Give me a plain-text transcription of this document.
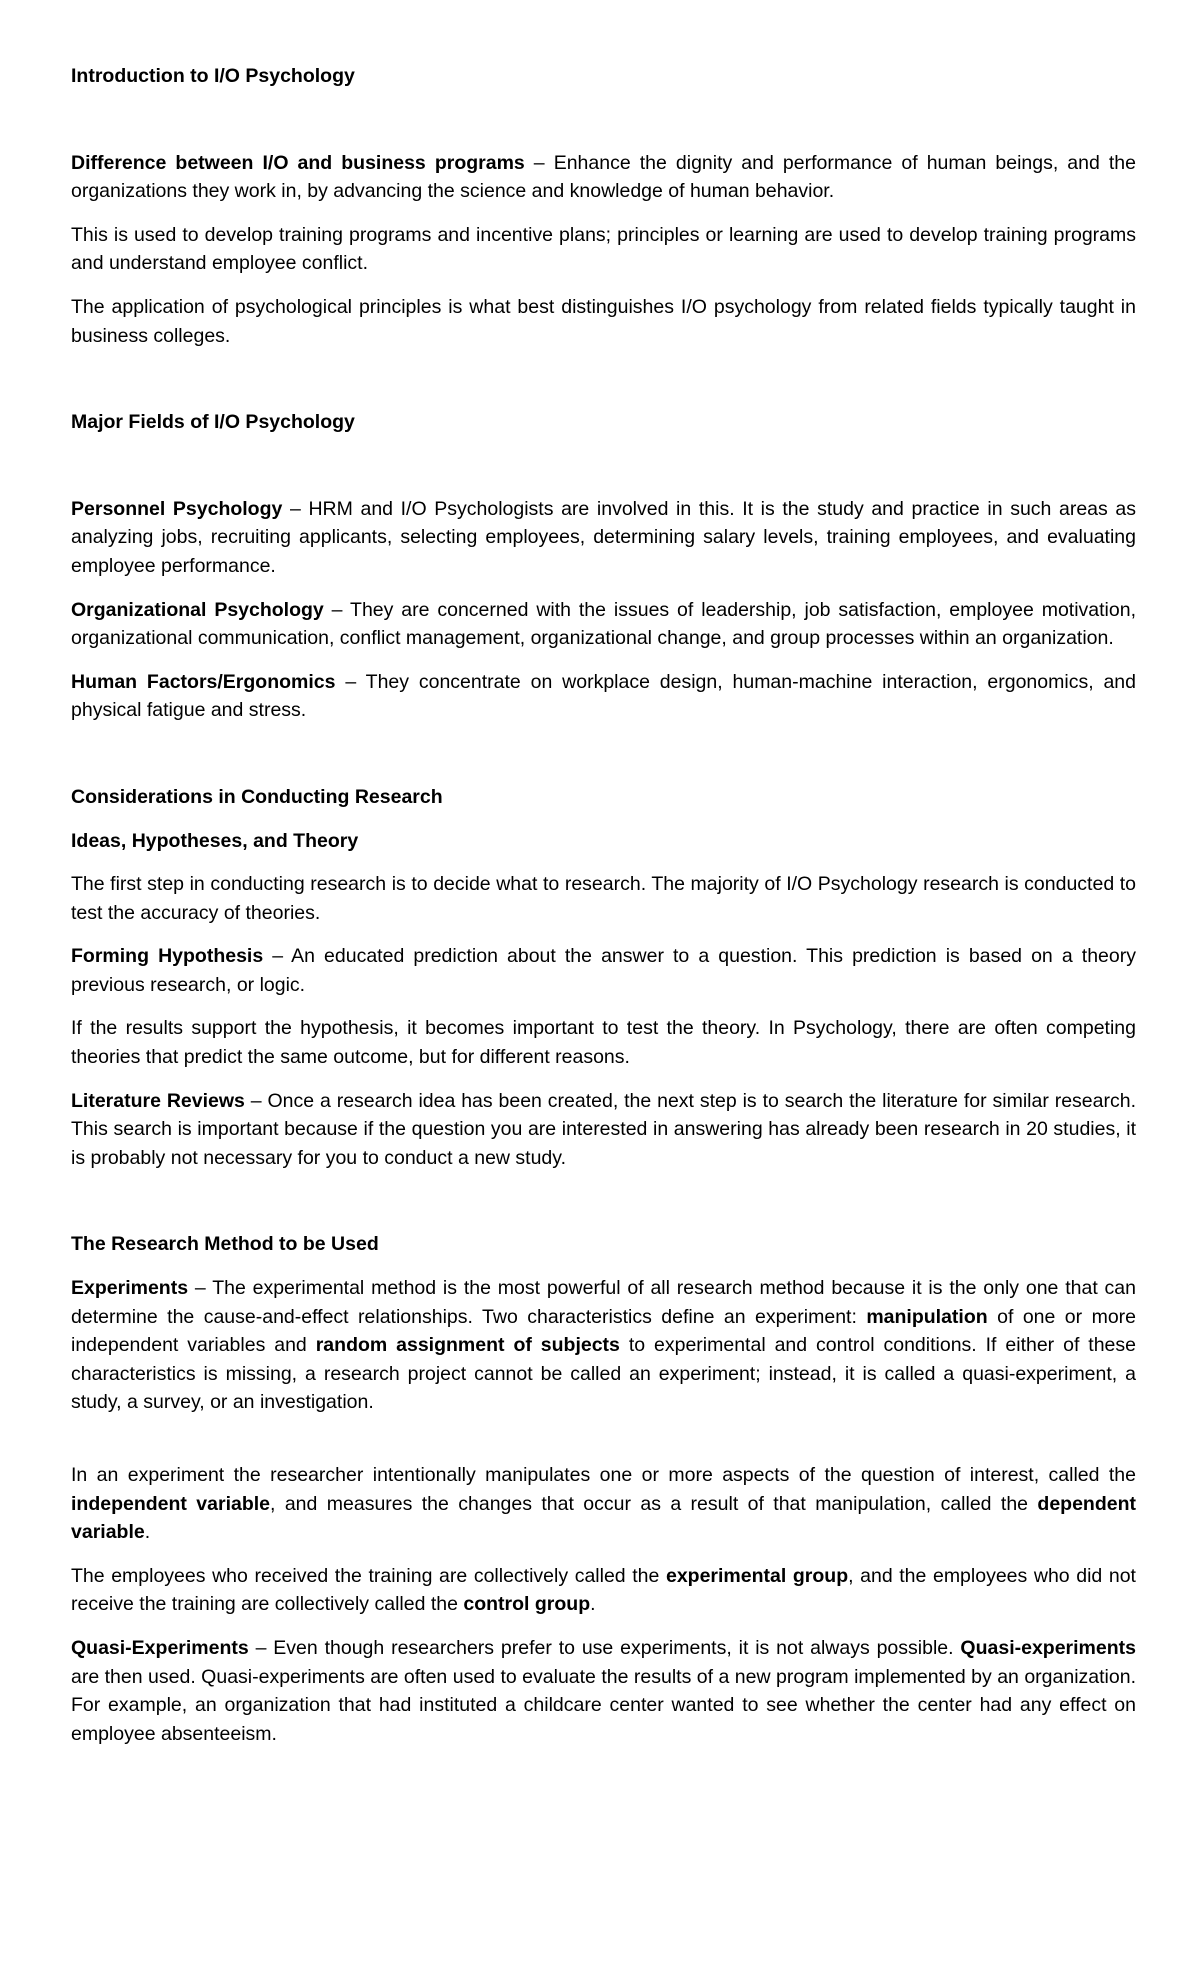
Introduction to I/O Psychology

Difference between I/O and business programs – Enhance the dignity and performance of human beings, and the organizations they work in, by advancing the science and knowledge of human behavior.

This is used to develop training programs and incentive plans; principles or learning are used to develop training programs and understand employee conflict.

The application of psychological principles is what best distinguishes I/O psychology from related fields typically taught in business colleges.

Major Fields of I/O Psychology

Personnel Psychology – HRM and I/O Psychologists are involved in this. It is the study and practice in such areas as analyzing jobs, recruiting applicants, selecting employees, determining salary levels, training employees, and evaluating employee performance.

Organizational Psychology – They are concerned with the issues of leadership, job satisfaction, employee motivation, organizational communication, conflict management, organizational change, and group processes within an organization.

Human Factors/Ergonomics – They concentrate on workplace design, human-machine interaction, ergonomics, and physical fatigue and stress.

Considerations in Conducting Research

Ideas, Hypotheses, and Theory

The first step in conducting research is to decide what to research. The majority of I/O Psychology research is conducted to test the accuracy of theories.

Forming Hypothesis – An educated prediction about the answer to a question. This prediction is based on a theory previous research, or logic.

If the results support the hypothesis, it becomes important to test the theory. In Psychology, there are often competing theories that predict the same outcome, but for different reasons.

Literature Reviews – Once a research idea has been created, the next step is to search the literature for similar research. This search is important because if the question you are interested in answering has already been research in 20 studies, it is probably not necessary for you to conduct a new study.

The Research Method to be Used

Experiments – The experimental method is the most powerful of all research method because it is the only one that can determine the cause-and-effect relationships. Two characteristics define an experiment: manipulation of one or more independent variables and random assignment of subjects to experimental and control conditions. If either of these characteristics is missing, a research project cannot be called an experiment; instead, it is called a quasi-experiment, a study, a survey, or an investigation.

In an experiment the researcher intentionally manipulates one or more aspects of the question of interest, called the independent variable, and measures the changes that occur as a result of that manipulation, called the dependent variable.

The employees who received the training are collectively called the experimental group, and the employees who did not receive the training are collectively called the control group.

Quasi-Experiments – Even though researchers prefer to use experiments, it is not always possible. Quasi-experiments are then used. Quasi-experiments are often used to evaluate the results of a new program implemented by an organization. For example, an organization that had instituted a childcare center wanted to see whether the center had any effect on employee absenteeism.
